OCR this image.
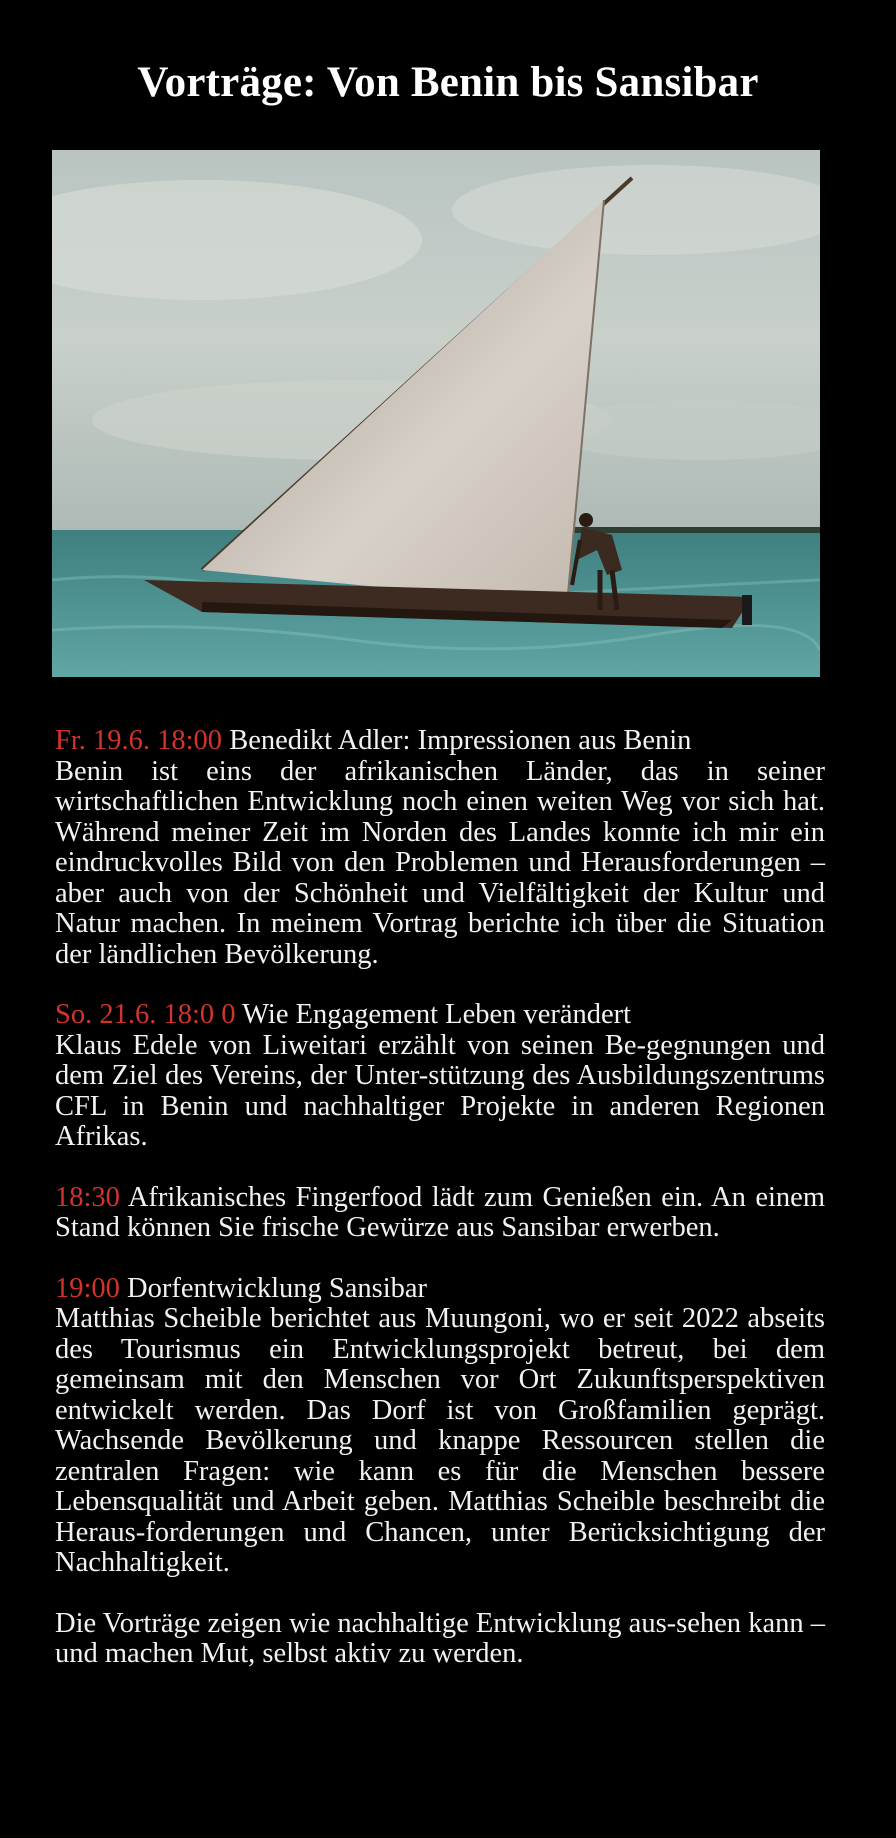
Vorträge: Von Benin bis Sansibar

Fr. 19.6. 18:00 Benedikt Adler: Impressionen aus Benin

Benin ist eins der afrikanischen Länder, das in seiner wirtschaftlichen Entwicklung noch einen weiten Weg vor sich hat. Während meiner Zeit im Norden des Landes konnte ich mir ein eindruckvolles Bild von den Problemen und Herausforderungen – aber auch von der Schönheit und Vielfältigkeit der Kultur und Natur machen. In meinem Vortrag berichte ich über die Situation der ländlichen Bevölkerung.

So. 21.6. 18:0 0 Wie Engagement Leben verändert

Klaus Edele von Liweitari erzählt von seinen Be-gegnungen und dem Ziel des Vereins, der Unter-stützung des Ausbildungszentrums CFL in Benin und nachhaltiger Projekte in anderen Regionen Afrikas.

18:30 Afrikanisches Fingerfood lädt zum Genießen ein. An einem Stand können Sie frische Gewürze aus Sansibar erwerben.

19:00 Dorfentwicklung Sansibar

Matthias Scheible berichtet aus Muungoni, wo er seit 2022 abseits des Tourismus ein Entwicklungsprojekt betreut, bei dem gemeinsam mit den Menschen vor Ort Zukunftsperspektiven entwickelt werden. Das Dorf ist von Großfamilien geprägt. Wachsende Bevölkerung und knappe Ressourcen stellen die zentralen Fragen: wie kann es für die Menschen bessere Lebensqualität und Arbeit geben. Matthias Scheible beschreibt die Heraus-forderungen und Chancen, unter Berücksichtigung der Nachhaltigkeit.

Die Vorträge zeigen wie nachhaltige Entwicklung aus-sehen kann – und machen Mut, selbst aktiv zu werden.
